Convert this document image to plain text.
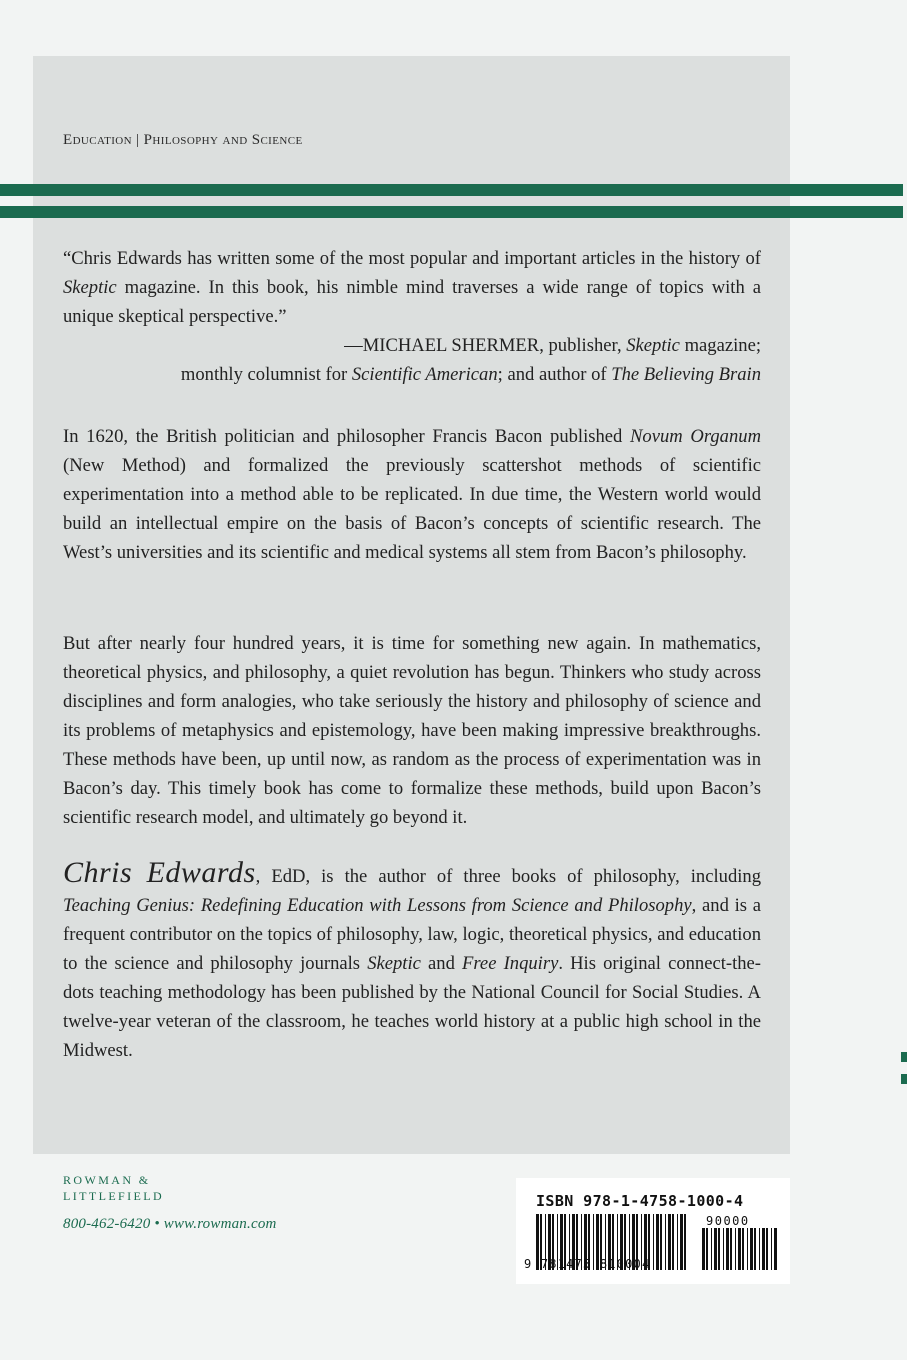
Education | Philosophy and Science
“Chris Edwards has written some of the most popular and important articles in the history of Skeptic magazine. In this book, his nimble mind traverses a wide range of topics with a unique skeptical perspective.”
—MICHAEL SHERMER, publisher, Skeptic magazine;
monthly columnist for Scientific American; and author of The Believing Brain
In 1620, the British politician and philosopher Francis Bacon published Novum Organum (New Method) and formalized the previously scattershot methods of scientific experimentation into a method able to be replicated. In due time, the Western world would build an intellectual empire on the basis of Bacon’s concepts of scientific research. The West’s universities and its scientific and medical systems all stem from Bacon’s philosophy.
But after nearly four hundred years, it is time for something new again. In mathematics, theoretical physics, and philosophy, a quiet revolution has begun. Thinkers who study across disciplines and form analogies, who take seriously the history and philosophy of science and its problems of metaphysics and epistemology, have been making impressive breakthroughs. These methods have been, up until now, as random as the process of experimentation was in Bacon’s day. This timely book has come to formalize these methods, build upon Bacon’s scientific research model, and ultimately go beyond it.
Chris Edwards, EdD, is the author of three books of philosophy, including Teaching Genius: Redefining Education with Lessons from Science and Philosophy, and is a frequent contributor on the topics of philosophy, law, logic, theoretical physics, and education to the science and philosophy journals Skeptic and Free Inquiry. His original connect-the-dots teaching methodology has been published by the National Council for Social Studies. A twelve-year veteran of the classroom, he teaches world history at a public high school in the Midwest.
ROWMAN &
LITTLEFIELD
800-462-6420 • www.rowman.com
ISBN 978-1-4758-1000-4
90000
9 781475 810004
